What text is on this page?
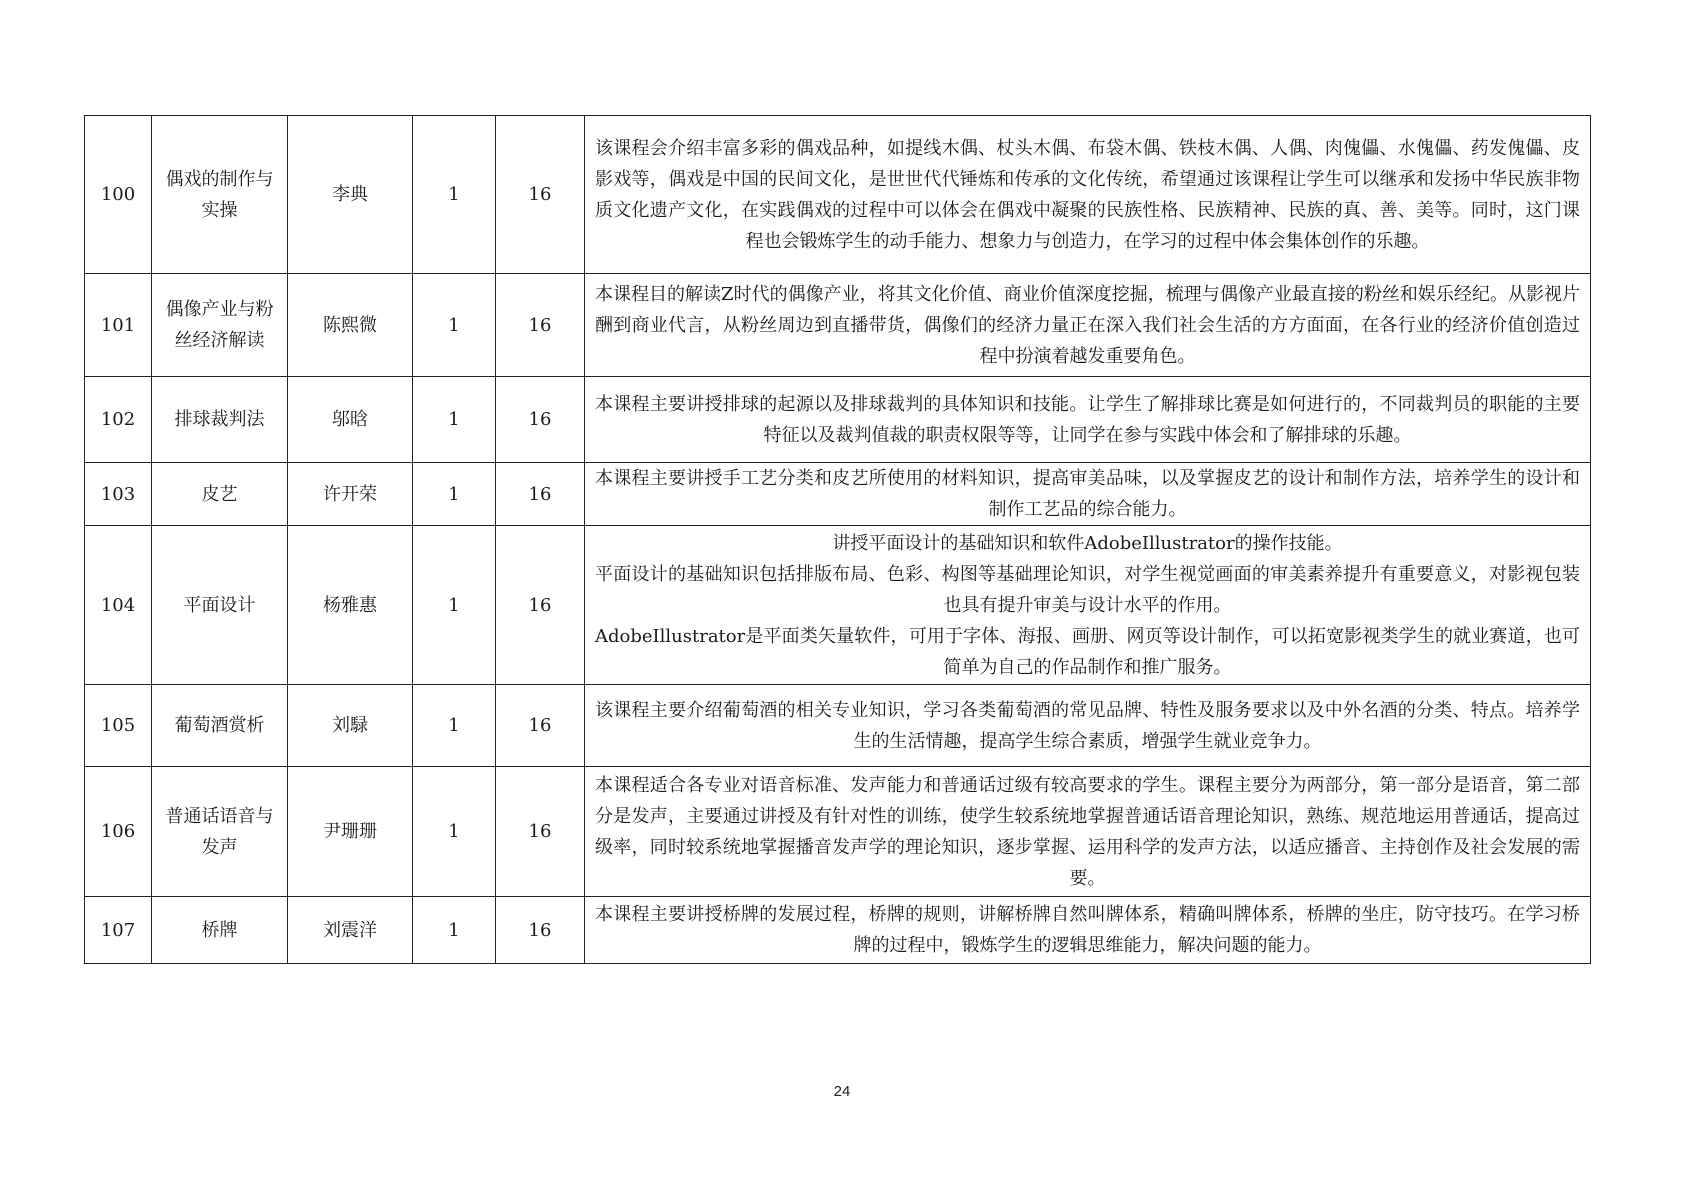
100	偶戏的制作与实操	李典	1	16	该课程会介绍丰富多彩的偶戏品种，如提线木偶、杖头木偶、布袋木偶、铁枝木偶、人偶、肉傀儡、水傀儡、药发傀儡、皮影戏等，偶戏是中国的民间文化，是世世代代锤炼和传承的文化传统，希望通过该课程让学生可以继承和发扬中华民族非物质文化遗产文化，在实践偶戏的过程中可以体会在偶戏中凝聚的民族性格、民族精神、民族的真、善、美等。同时，这门课程也会锻炼学生的动手能力、想象力与创造力，在学习的过程中体会集体创作的乐趣。

101	偶像产业与粉丝经济解读	陈熙微	1	16	本课程目的解读Z时代的偶像产业，将其文化价值、商业价值深度挖掘，梳理与偶像产业最直接的粉丝和娱乐经纪。从影视片酬到商业代言，从粉丝周边到直播带货，偶像们的经济力量正在深入我们社会生活的方方面面，在各行业的经济价值创造过程中扮演着越发重要角色。

102	排球裁判法	邬晗	1	16	本课程主要讲授排球的起源以及排球裁判的具体知识和技能。让学生了解排球比赛是如何进行的，不同裁判员的职能的主要特征以及裁判值裁的职责权限等等，让同学在参与实践中体会和了解排球的乐趣。

103	皮艺	许开荣	1	16	本课程主要讲授手工艺分类和皮艺所使用的材料知识，提高审美品味，以及掌握皮艺的设计和制作方法，培养学生的设计和制作工艺品的综合能力。

104	平面设计	杨雅惠	1	16	讲授平面设计的基础知识和软件AdobeIllustrator的操作技能。
平面设计的基础知识包括排版布局、色彩、构图等基础理论知识，对学生视觉画面的审美素养提升有重要意义，对影视包装也具有提升审美与设计水平的作用。
AdobeIllustrator是平面类矢量软件，可用于字体、海报、画册、网页等设计制作，可以拓宽影视类学生的就业赛道，也可简单为自己的作品制作和推广服务。

105	葡萄酒赏析	刘騄	1	16	该课程主要介绍葡萄酒的相关专业知识，学习各类葡萄酒的常见品牌、特性及服务要求以及中外名酒的分类、特点。培养学生的生活情趣，提高学生综合素质，增强学生就业竞争力。

106	普通话语音与发声	尹珊珊	1	16	本课程适合各专业对语音标准、发声能力和普通话过级有较高要求的学生。课程主要分为两部分，第一部分是语音，第二部分是发声，主要通过讲授及有针对性的训练，使学生较系统地掌握普通话语音理论知识，熟练、规范地运用普通话，提高过级率，同时较系统地掌握播音发声学的理论知识，逐步掌握、运用科学的发声方法，以适应播音、主持创作及社会发展的需要。

107	桥牌	刘震洋	1	16	本课程主要讲授桥牌的发展过程，桥牌的规则，讲解桥牌自然叫牌体系，精确叫牌体系，桥牌的坐庄，防守技巧。在学习桥牌的过程中，锻炼学生的逻辑思维能力，解决问题的能力。
24
